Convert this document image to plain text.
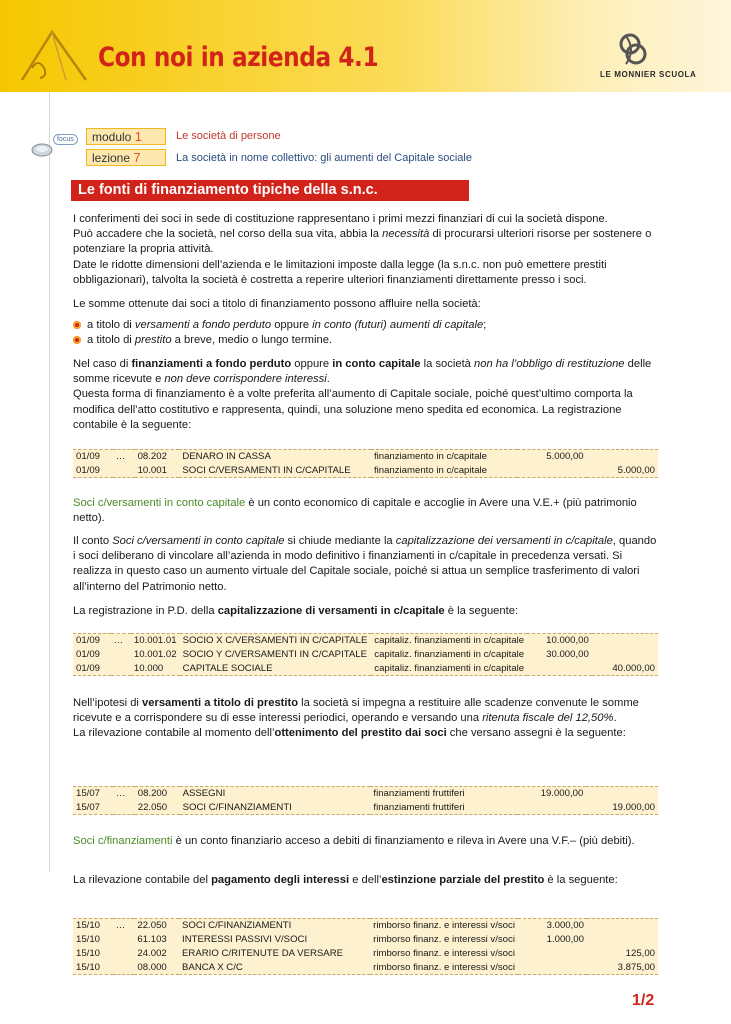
Con noi in azienda 4.1
LE MONNIER SCUOLA
focus	modulo 1	Le società di persone
lezione 7	La società in nome collettivo: gli aumenti del Capitale sociale
Le fonti di finanziamento tipiche della s.n.c.

I conferimenti dei soci in sede di costituzione rappresentano i primi mezzi finanziari di cui la società dispone.

Può accadere che la società, nel corso della sua vita, abbia la necessità di procurarsi ulteriori risorse per sostenere o potenziare la propria attività.

Date le ridotte dimensioni dell’azienda e le limitazioni imposte dalla legge (la s.n.c. non può emettere prestiti obbligazionari), talvolta la società è costretta a reperire ulteriori finanziamenti direttamente presso i soci.

Le somme ottenute dai soci a titolo di finanziamento possono affluire nella società:

a titolo di versamenti a fondo perduto oppure in conto (futuri) aumenti di capitale;

a titolo di prestito a breve, medio o lungo termine.

Nel caso di finanziamenti a fondo perduto oppure in conto capitale la società non ha l’obbligo di restituzione delle somme ricevute e non deve corrispondere interessi.

Questa forma di finanziamento è a volte preferita all’aumento di Capitale sociale, poiché quest’ultimo comporta la modifica dell’atto costitutivo e rappresenta, quindi, una soluzione meno spedita ed economica. La registrazione contabile è la seguente:

01/09	…	08.202	DENARO IN CASSA	finanziamento in c/capitale	5.000,00	
01/09		10.001	SOCI C/VERSAMENTI IN C/CAPITALE	finanziamento in c/capitale		5.000,00

Soci c/versamenti in conto capitale è un conto economico di capitale e accoglie in Avere una V.E.+ (più patrimonio netto).

Il conto Soci c/versamenti in conto capitale si chiude mediante la capitalizzazione dei versamenti in c/capitale, quando i soci deliberano di vincolare all’azienda in modo definitivo i finanziamenti in c/capitale in precedenza versati. Si realizza in questo caso un aumento virtuale del Capitale sociale, poiché si attua un semplice trasferimento di valori all’interno del Patrimonio netto.

La registrazione in P.D. della capitalizzazione di versamenti in c/capitale è la seguente:

01/09	…	10.001.01	SOCIO X C/VERSAMENTI IN C/CAPITALE	capitaliz. finanziamenti in c/capitale	10.000,00	
01/09		10.001.02	SOCIO Y C/VERSAMENTI IN C/CAPITALE	capitaliz. finanziamenti in c/capitale	30.000,00	
01/09		10.000	CAPITALE SOCIALE	capitaliz. finanziamenti in c/capitale		40.000,00

Nell’ipotesi di versamenti a titolo di prestito la società si impegna a restituire alle scadenze convenute le somme ricevute e a corrispondere su di esse interessi periodici, operando e versando una ritenuta fiscale del 12,50%.

La rilevazione contabile al momento dell’ottenimento del prestito dai soci che versano assegni è la seguente:

15/07	…	08.200	ASSEGNI	finanziamenti fruttiferi	19.000,00	
15/07		22.050	SOCI C/FINANZIAMENTI	finanziamenti fruttiferi		19.000,00

Soci c/finanziamenti è un conto finanziario acceso a debiti di finanziamento e rileva in Avere una V.F.– (più debiti).

La rilevazione contabile del pagamento degli interessi e dell’estinzione parziale del prestito è la seguente:

15/10	…	22.050	SOCI C/FINANZIAMENTI	rimborso finanz. e interessi v/soci	3.000,00	
15/10		61.103	INTERESSI PASSIVI V/SOCI	rimborso finanz. e interessi v/soci	1.000,00	
15/10		24.002	ERARIO C/RITENUTE DA VERSARE	rimborso finanz. e interessi v/soci		125,00
15/10		08.000	BANCA X C/C	rimborso finanz. e interessi v/soci		3.875,00
1/2
